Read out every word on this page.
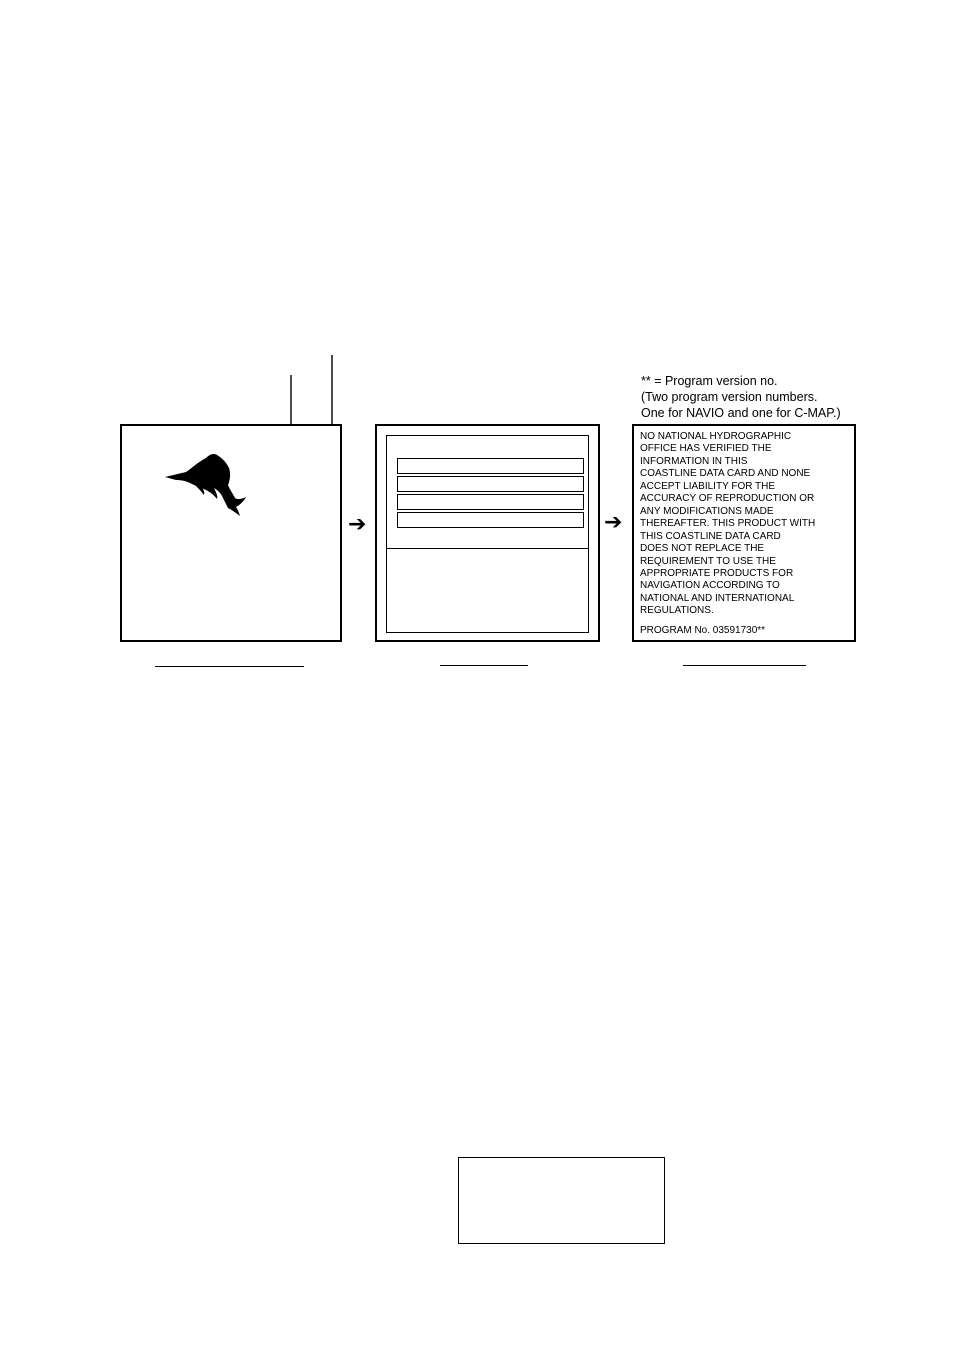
** = Program version no.
(Two program version numbers.
One for NAVIO and one for C-MAP.)
➔	➔
NO NATIONAL HYDROGRAPHIC
OFFICE HAS VERIFIED THE
INFORMATION IN THIS
COASTLINE DATA CARD AND NONE
ACCEPT LIABILITY FOR THE
ACCURACY OF REPRODUCTION OR
ANY MODIFICATIONS MADE
THEREAFTER. THIS PRODUCT WITH
THIS COASTLINE DATA CARD
DOES NOT REPLACE THE
REQUIREMENT TO USE THE
APPROPRIATE PRODUCTS FOR
NAVIGATION ACCORDING TO
NATIONAL AND INTERNATIONAL
REGULATIONS.
PROGRAM No. 03591730**
